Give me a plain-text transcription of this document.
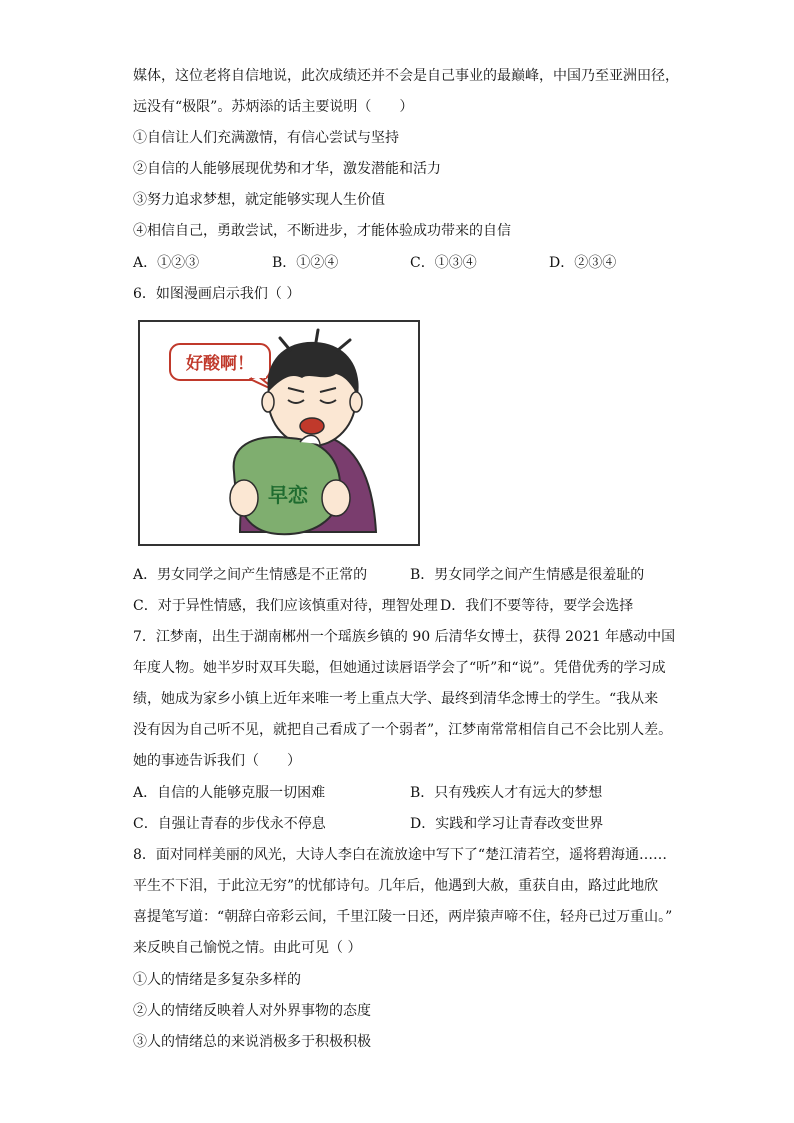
媒体，这位老将自信地说，此次成绩还并不会是自己事业的最巅峰，中国乃至亚洲田径，
远没有“极限”。苏炳添的话主要说明（　　）
①自信让人们充满激情，有信心尝试与坚持
②自信的人能够展现优势和才华，激发潜能和活力
③努力追求梦想，就定能够实现人生价值
④相信自己，勇敢尝试，不断进步，才能体验成功带来的自信
A．①②③	B．①②④	C．①③④	D．②③④
6．如图漫画启示我们（ ）
好酸啊！
早恋
A．男女同学之间产生情感是不正常的	B．男女同学之间产生情感是很羞耻的
C．对于异性情感，我们应该慎重对待，理智处理 D．我们不要等待，要学会选择
7．江梦南，出生于湖南郴州一个瑶族乡镇的 90 后清华女博士，获得 2021 年感动中国
年度人物。她半岁时双耳失聪，但她通过读唇语学会了“听”和“说”。凭借优秀的学习成
绩，她成为家乡小镇上近年来唯一考上重点大学、最终到清华念博士的学生。“我从来
没有因为自己听不见，就把自己看成了一个弱者”，江梦南常常相信自己不会比别人差。
她的事迹告诉我们（　　）
A．自信的人能够克服一切困难	B．只有残疾人才有远大的梦想
C．自强让青春的步伐永不停息	D．实践和学习让青春改变世界
8．面对同样美丽的风光，大诗人李白在流放途中写下了“楚江清若空，遥将碧海通……
平生不下泪，于此泣无穷”的忧郁诗句。几年后，他遇到大赦，重获自由，路过此地欣
喜提笔写道：“朝辞白帝彩云间，千里江陵一日还，两岸猿声啼不住，轻舟已过万重山。”
来反映自己愉悦之情。由此可见（ ）
①人的情绪是多复杂多样的
②人的情绪反映着人对外界事物的态度
③人的情绪总的来说消极多于积极积极
